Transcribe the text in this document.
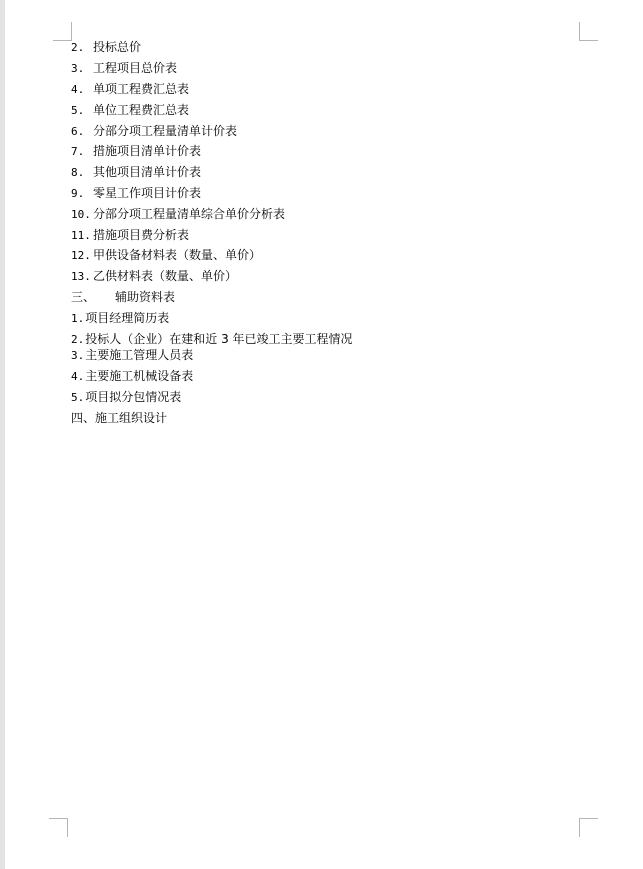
2. 投标总价
3. 工程项目总价表
4. 单项工程费汇总表
5. 单位工程费汇总表
6. 分部分项工程量清单计价表
7. 措施项目清单计价表
8. 其他项目清单计价表
9. 零星工作项目计价表
10. 分部分项工程量清单综合单价分析表
11. 措施项目费分析表
12. 甲供设备材料表（数量、单价）
13. 乙供材料表（数量、单价）
三、 辅助资料表
1.项目经理简历表
2.投标人（企业）在建和近 3 年已竣工主要工程情况
3.主要施工管理人员表
4.主要施工机械设备表
5.项目拟分包情况表
四、施工组织设计
